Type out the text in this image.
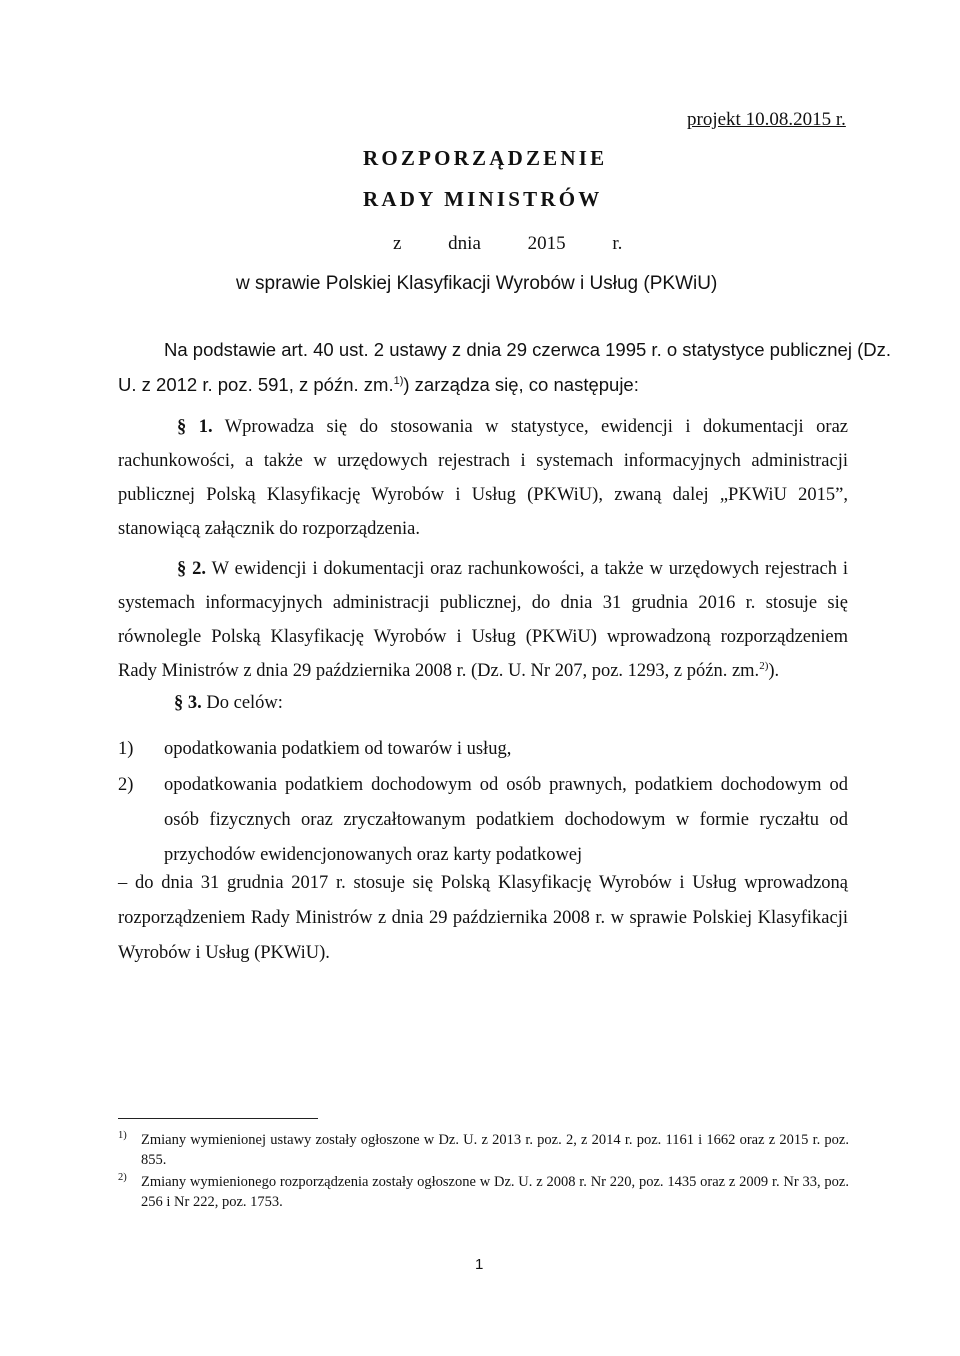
projekt 10.08.2015 r.
ROZPORZĄDZENIE
RADY MINISTRÓW
z dnia 2015 r.
w sprawie Polskiej Klasyfikacji Wyrobów i Usług (PKWiU)
Na podstawie art. 40 ust. 2 ustawy z dnia 29 czerwca 1995 r. o statystyce publicznej (Dz.
U. z 2012 r. poz. 591, z późn. zm.$^{1)}$) zarządza się, co następuje:
§ 1. Wprowadza się do stosowania w statystyce, ewidencji i dokumentacji oraz rachunkowości, a także w urzędowych rejestrach i systemach informacyjnych administracji publicznej Polską Klasyfikację Wyrobów i Usług (PKWiU), zwaną dalej „PKWiU 2015”, stanowiącą załącznik do rozporządzenia.
§ 2. W ewidencji i dokumentacji oraz rachunkowości, a także w urzędowych rejestrach i systemach informacyjnych administracji publicznej, do dnia 31 grudnia 2016 r. stosuje się równolegle Polską Klasyfikację Wyrobów i Usług (PKWiU) wprowadzoną rozporządzeniem Rady Ministrów z dnia 29 października 2008 r. (Dz. U. Nr 207, poz. 1293, z późn. zm.$^{2)}$).
§ 3. Do celów:
1) opodatkowania podatkiem od towarów i usług,
2) opodatkowania podatkiem dochodowym od osób prawnych, podatkiem dochodowym od osób fizycznych oraz zryczałtowanym podatkiem dochodowym w formie ryczałtu od przychodów ewidencjonowanych oraz karty podatkowej
– do dnia 31 grudnia 2017 r. stosuje się Polską Klasyfikację Wyrobów i Usług wprowadzoną rozporządzeniem Rady Ministrów z dnia 29 października 2008 r. w sprawie Polskiej Klasyfikacji Wyrobów i Usług (PKWiU).
1) Zmiany wymienionej ustawy zostały ogłoszone w Dz. U. z 2013 r. poz. 2, z 2014 r. poz. 1161 i 1662 oraz z 2015 r. poz. 855.
2) Zmiany wymienionego rozporządzenia zostały ogłoszone w Dz. U. z 2008 r. Nr 220, poz. 1435 oraz z 2009 r. Nr 33, poz. 256 i Nr 222, poz. 1753.
1
